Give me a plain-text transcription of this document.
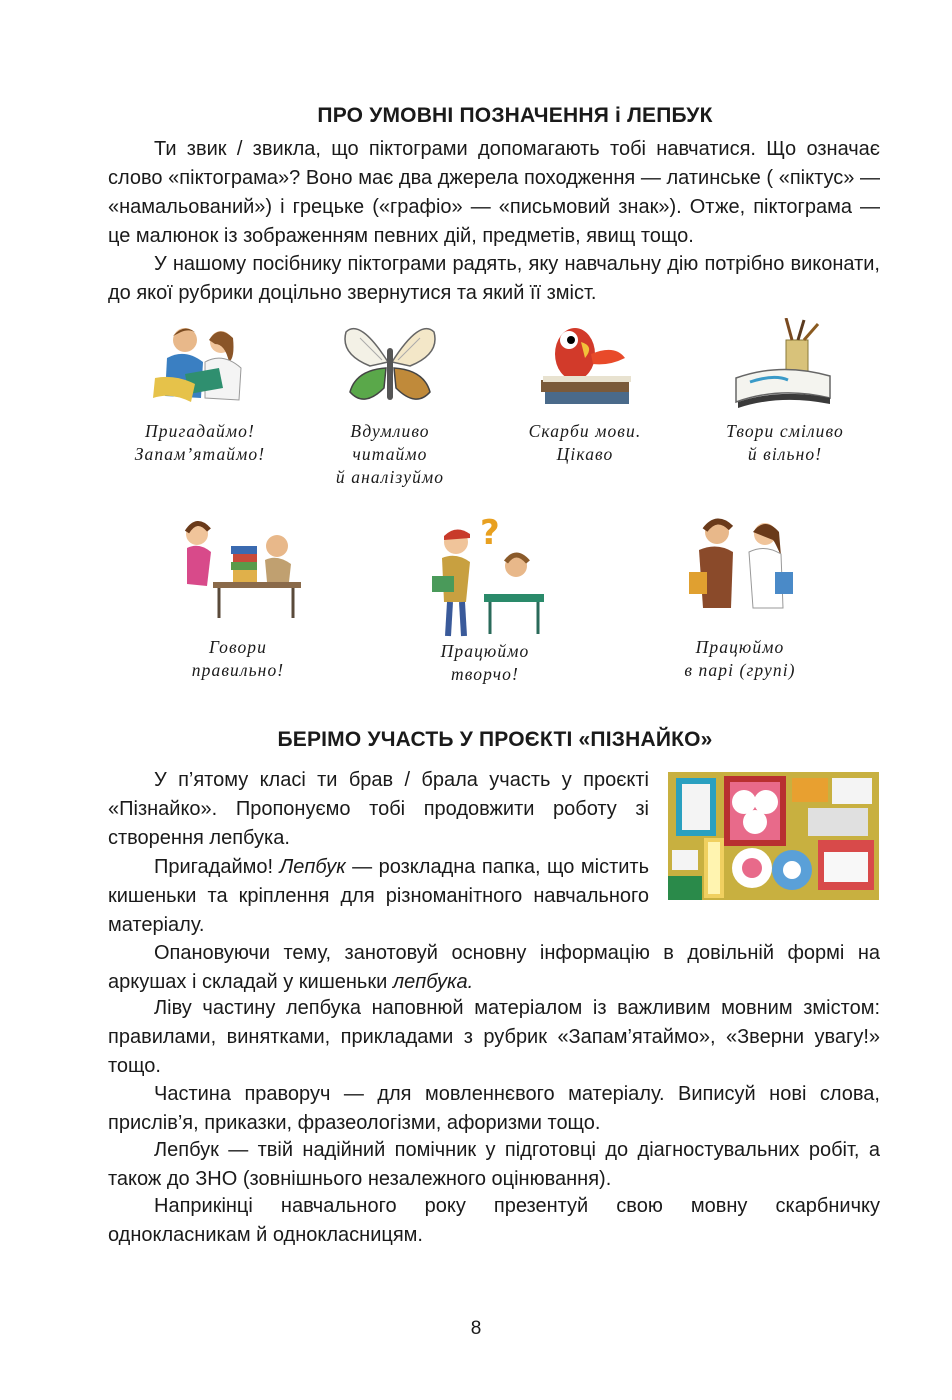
ПРО УМОВНІ ПОЗНАЧЕННЯ і ЛЕПБУК

Ти звик / звикла, що піктограми допомагають тобі навчатися. Що означає слово «піктограма»? Воно має два джерела походження — латинське ( «піктус» — «намальований») і грецьке («графіо» — «письмовий знак»). Отже, піктограма — це малюнок із зображенням певних дій, предметів, явищ тощо.

У нашому посібнику піктограми радять, яку навчальну дію потрібно виконати, до якої рубрики доцільно звернутися та який її зміст.

Пригадаймо!
Запам’ятаймо!
Вдумливо
читаймо
й аналізуймо
Скарби мови.
Цікаво
Твори сміливо
й вільно!
Говори
правильно!
?
Працюймо
творчо!
Працюймо
в парі (групі)
БЕРІМО УЧАСТЬ У ПРОЄКТІ «ПІЗНАЙКО»

У п’ятому класі ти брав / брала участь у проєкті «Пізнайко». Пропонуємо тобі продовжити роботу зі створення лепбука.

Пригадаймо! Лепбук — розкладна папка, що містить кишеньки та кріплення для різноманітного навчального матеріалу.

Опановуючи тему, занотовуй основну інформацію в довільній формі на аркушах і складай у кишеньки лепбука.

Ліву частину лепбука наповнюй матеріалом із важливим мовним змістом: правилами, винятками, прикладами з рубрик «Запам’ятаймо», «Зверни увагу!» тощо.

Частина праворуч — для мовленнєвого матеріалу. Виписуй нові слова, прислів’я, приказки, фразеологізми, афоризми тощо.

Лепбук — твій надійний помічник у підготовці до діагностувальних робіт, а також до ЗНО (зовнішнього незалежного оцінювання).

Наприкінці навчального року презентуй свою мовну скарбничку однокласникам й однокласницям.

8
